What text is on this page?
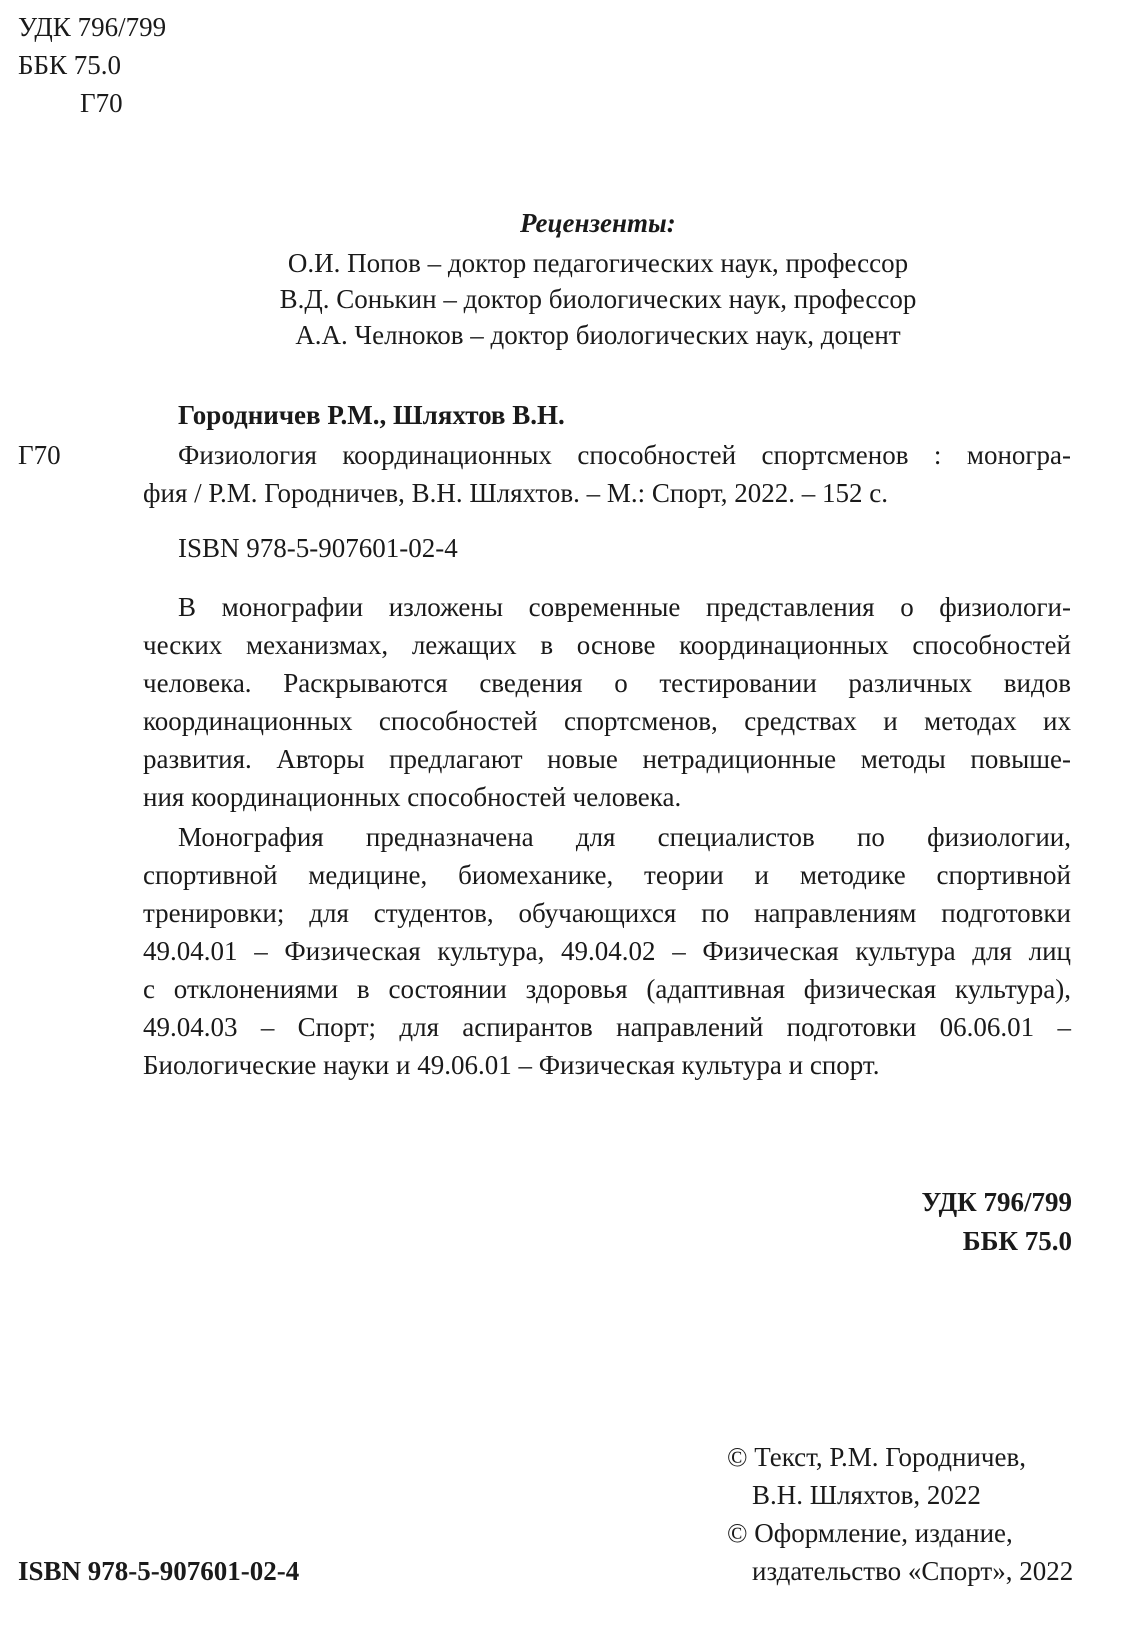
УДК 796/799
ББК 75.0
Г70
Рецензенты:
О.И. Попов – доктор педагогических наук, профессор
В.Д. Сонькин – доктор биологических наук, профессор
А.А. Челноков – доктор биологических наук, доцент
Городничев Р.М., Шляхтов В.Н.
Г70	Физиология координационных способностей спортсменов : моногра-
фия / Р.М. Городничев, В.Н. Шляхтов. – М.: Спорт, 2022. – 152 с.
ISBN 978-5-907601-02-4
В монографии изложены современные представления о физиологи-
ческих механизмах, лежащих в основе координационных способностей
человека. Раскрываются сведения о тестировании различных видов
координационных способностей спортсменов, средствах и методах их
развития. Авторы предлагают новые нетрадиционные методы повыше-
ния координационных способностей человека.
Монография предназначена для специалистов по физиологии,
спортивной медицине, биомеханике, теории и методике спортивной
тренировки; для студентов, обучающихся по направлениям подготовки
49.04.01 – Физическая культура, 49.04.02 – Физическая культура для лиц
с отклонениями в состоянии здоровья (адаптивная физическая культура),
49.04.03 – Спорт; для аспирантов направлений подготовки 06.06.01 –
Биологические науки и 49.06.01 – Физическая культура и спорт.
УДК 796/799
ББК 75.0
© Текст, Р.М. Городничев,
В.Н. Шляхтов, 2022
© Оформление, издание,
издательство «Спорт», 2022
ISBN 978-5-907601-02-4
